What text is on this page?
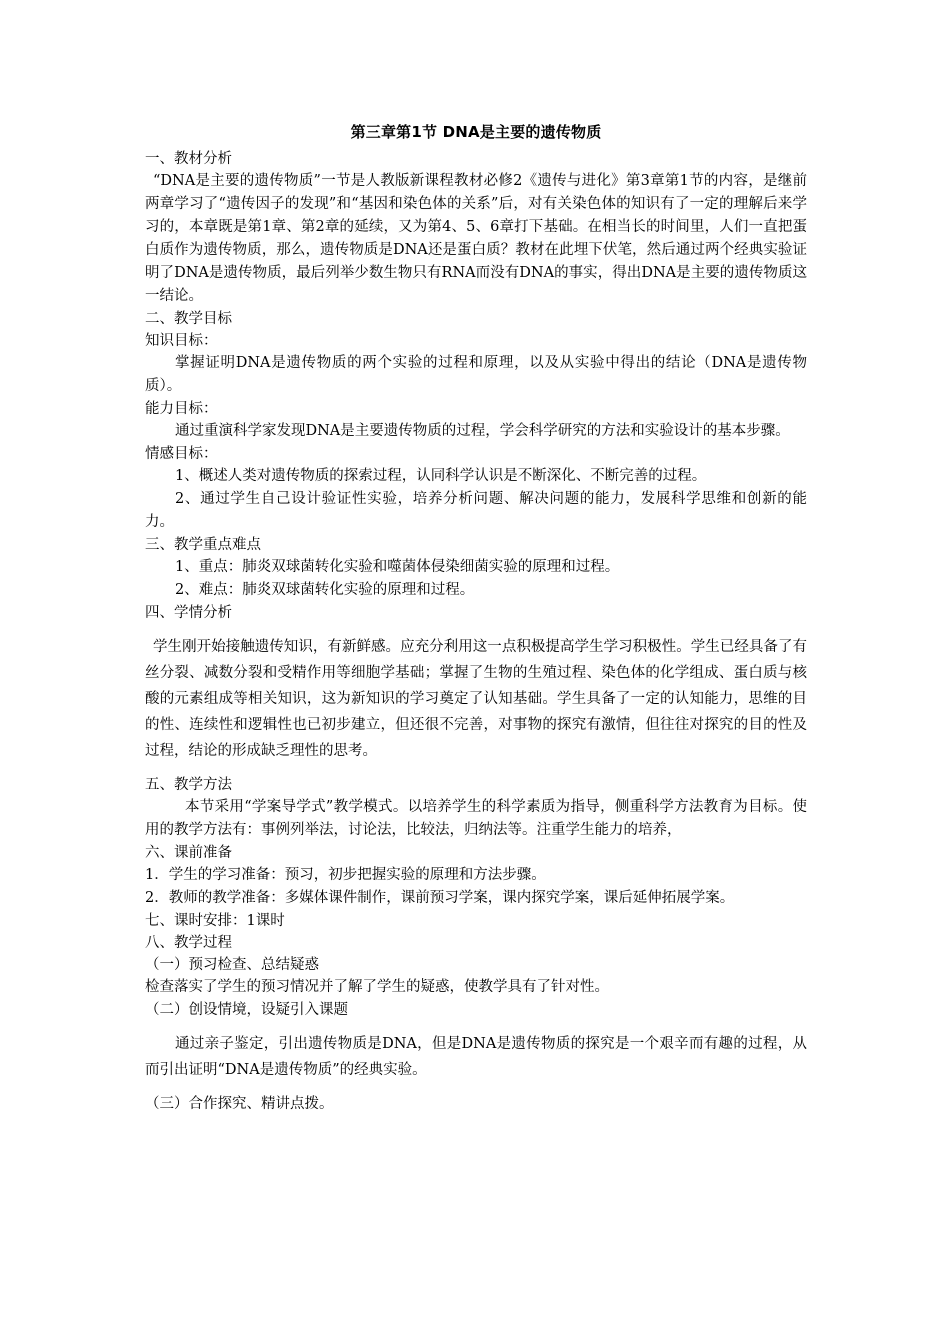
第三章第1节 DNA是主要的遗传物质
一、教材分析
“DNA是主要的遗传物质”一节是人教版新课程教材必修2《遗传与进化》第3章第1节的内容，是继前两章学习了“遗传因子的发现”和“基因和染色体的关系”后，对有关染色体的知识有了一定的理解后来学习的，本章既是第1章、第2章的延续，又为第4、5、6章打下基础。在相当长的时间里，人们一直把蛋白质作为遗传物质，那么，遗传物质是DNA还是蛋白质？教材在此埋下伏笔，然后通过两个经典实验证明了DNA是遗传物质，最后列举少数生物只有RNA而没有DNA的事实，得出DNA是主要的遗传物质这一结论。
二、教学目标
知识目标：
掌握证明DNA是遗传物质的两个实验的过程和原理，以及从实验中得出的结论（DNA是遗传物质）。
能力目标：
通过重演科学家发现DNA是主要遗传物质的过程，学会科学研究的方法和实验设计的基本步骤。
情感目标：
1、概述人类对遗传物质的探索过程，认同科学认识是不断深化、不断完善的过程。
2、通过学生自己设计验证性实验，培养分析问题、解决问题的能力，发展科学思维和创新的能力。
三、教学重点难点
1、重点：肺炎双球菌转化实验和噬菌体侵染细菌实验的原理和过程。
2、难点：肺炎双球菌转化实验的原理和过程。
四、学情分析
学生刚开始接触遗传知识，有新鲜感。应充分利用这一点积极提高学生学习积极性。学生已经具备了有丝分裂、减数分裂和受精作用等细胞学基础；掌握了生物的生殖过程、染色体的化学组成、蛋白质与核酸的元素组成等相关知识，这为新知识的学习奠定了认知基础。学生具备了一定的认知能力，思维的目的性、连续性和逻辑性也已初步建立，但还很不完善，对事物的探究有激情，但往往对探究的目的性及过程，结论的形成缺乏理性的思考。
五、教学方法
本节采用“学案导学式”教学模式。以培养学生的科学素质为指导，侧重科学方法教育为目标。使用的教学方法有：事例列举法，讨论法，比较法，归纳法等。注重学生能力的培养，
六、课前准备
1．学生的学习准备：预习，初步把握实验的原理和方法步骤。
2．教师的教学准备：多媒体课件制作，课前预习学案，课内探究学案，课后延伸拓展学案。
七、课时安排：1课时
八、教学过程
（一）预习检查、总结疑惑
检查落实了学生的预习情况并了解了学生的疑惑，使教学具有了针对性。
（二）创设情境，设疑引入课题
通过亲子鉴定，引出遗传物质是DNA，但是DNA是遗传物质的探究是一个艰辛而有趣的过程，从而引出证明“DNA是遗传物质”的经典实验。
（三）合作探究、精讲点拨。
